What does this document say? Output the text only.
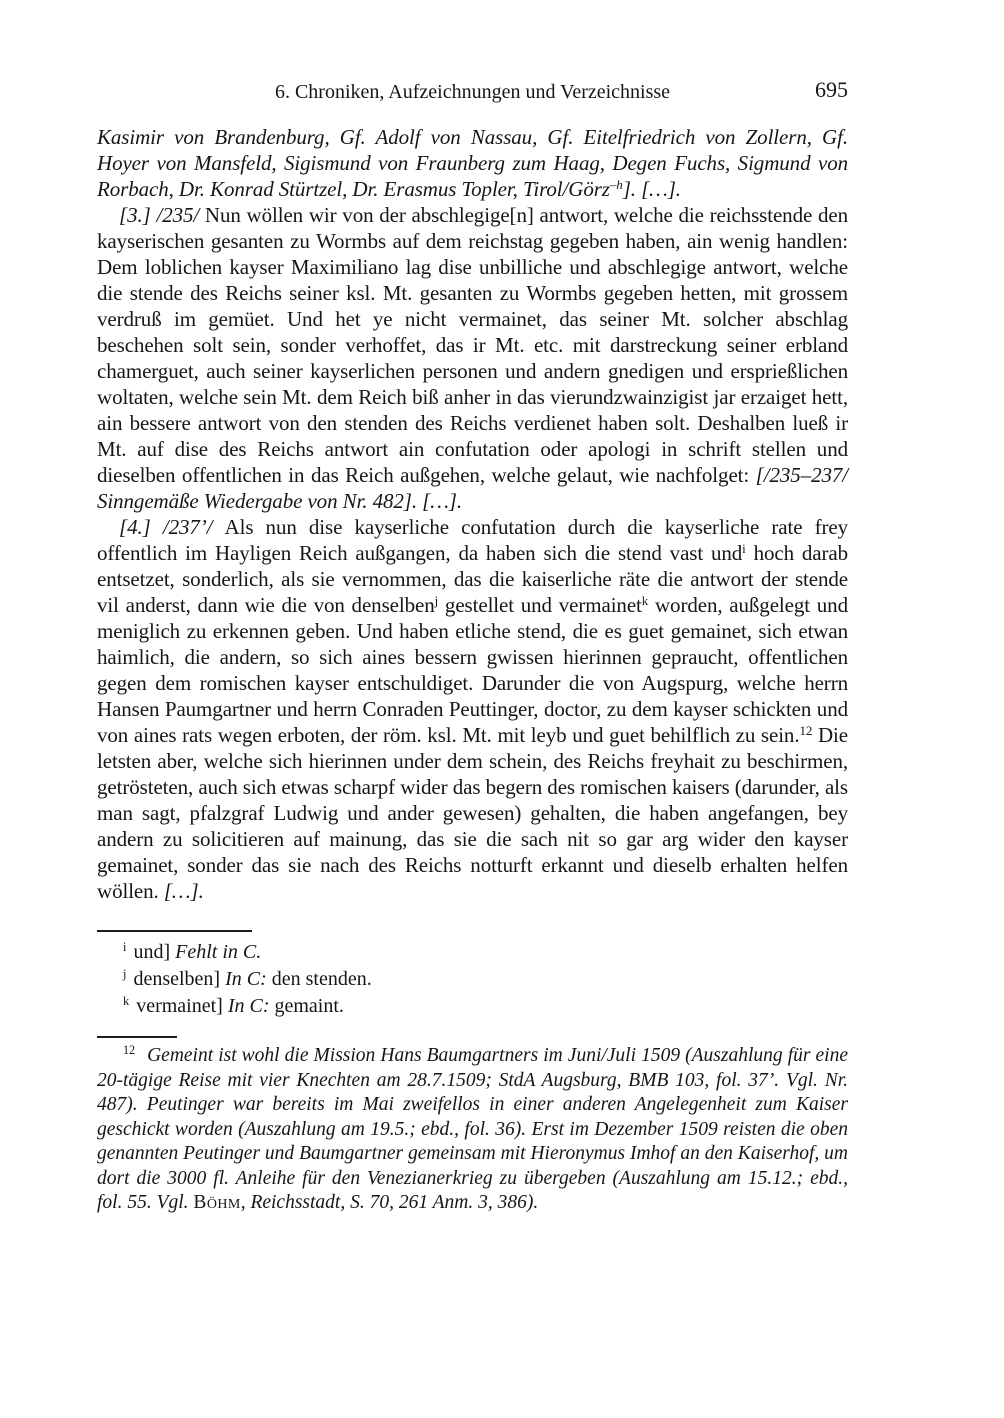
6. Chroniken, Aufzeichnungen und Verzeichnisse	695

Kasimir von Brandenburg, Gf. Adolf von Nassau, Gf. Eitelfriedrich von Zollern, Gf. Hoyer von Mansfeld, Sigismund von Fraunberg zum Haag, Degen Fuchs, Sigmund von Rorbach, Dr. Konrad Stürtzel, Dr. Erasmus Topler, Tirol/Görz$^{-h}$]. […].

[3.] /235/ Nun wöllen wir von der abschlegige[n] antwort, welche die reichsstende den kayserischen gesanten zu Wormbs auf dem reichstag gegeben haben, ain wenig handlen: Dem loblichen kayser Maximiliano lag dise unbilliche und abschlegige antwort, welche die stende des Reichs seiner ksl. Mt. gesanten zu Wormbs gegeben hetten, mit grossem verdruß im gemüet. Und het ye nicht vermainet, das seiner Mt. solcher abschlag beschehen solt sein, sonder verhoffet, das ir Mt. etc. mit darstreckung seiner erbland chamerguet, auch seiner kayserlichen personen und andern gnedigen und ersprießlichen woltaten, welche sein Mt. dem Reich biß anher in das vierundzwainzigist jar erzaiget hett, ain bessere antwort von den stenden des Reichs verdienet haben solt. Deshalben lueß ir Mt. auf dise des Reichs antwort ain confutation oder apologi in schrift stellen und dieselben offentlichen in das Reich außgehen, welche gelaut, wie nachfolget: [/235–237/ Sinngemäße Wiedergabe von Nr. 482]. […].

[4.] /237’/ Als nun dise kayserliche confutation durch die kayserliche rate frey offentlich im Hayligen Reich außgangen, da haben sich die stend vast und$^i$ hoch darab entsetzet, sonderlich, als sie vernommen, das die kaiserliche räte die antwort der stende vil anderst, dann wie die von denselben$^j$ gestellet und vermainet$^k$ worden, außgelegt und meniglich zu erkennen geben. Und haben etliche stend, die es guet gemainet, sich etwan haimlich, die andern, so sich aines bessern gwissen hierinnen gepraucht, offentlichen gegen dem romischen kayser entschuldiget. Darunder die von Augspurg, welche herrn Hansen Paumgartner und herrn Conraden Peuttinger, doctor, zu dem kayser schickten und von aines rats wegen erboten, der röm. ksl. Mt. mit leyb und guet behilflich zu sein.$^{12}$ Die letsten aber, welche sich hierinnen under dem schein, des Reichs freyhait zu beschirmen, getrösteten, auch sich etwas scharpf wider das begern des romischen kaisers (darunder, als man sagt, pfalzgraf Ludwig und ander gewesen) gehalten, die haben angefangen, bey andern zu solicitieren auf mainung, das sie die sach nit so gar arg wider den kayser gemainet, sonder das sie nach des Reichs notturft erkannt und dieselb erhalten helfen wöllen. […].

$^i$ und] Fehlt in C.
$^j$ denselben] In C: den stenden.
$^k$ vermainet] In C: gemaint.

$^{12}$ Gemeint ist wohl die Mission Hans Baumgartners im Juni/Juli 1509 (Auszahlung für eine 20-tägige Reise mit vier Knechten am 28.7.1509; StdA Augsburg, BMB 103, fol. 37’. Vgl. Nr. 487). Peutinger war bereits im Mai zweifellos in einer anderen Angelegenheit zum Kaiser geschickt worden (Auszahlung am 19.5.; ebd., fol. 36). Erst im Dezember 1509 reisten die oben genannten Peutinger und Baumgartner gemeinsam mit Hieronymus Imhof an den Kaiserhof, um dort die 3000 fl. Anleihe für den Venezianerkrieg zu übergeben (Auszahlung am 15.12.; ebd., fol. 55. Vgl. Böhm, Reichsstadt, S. 70, 261 Anm. 3, 386).
